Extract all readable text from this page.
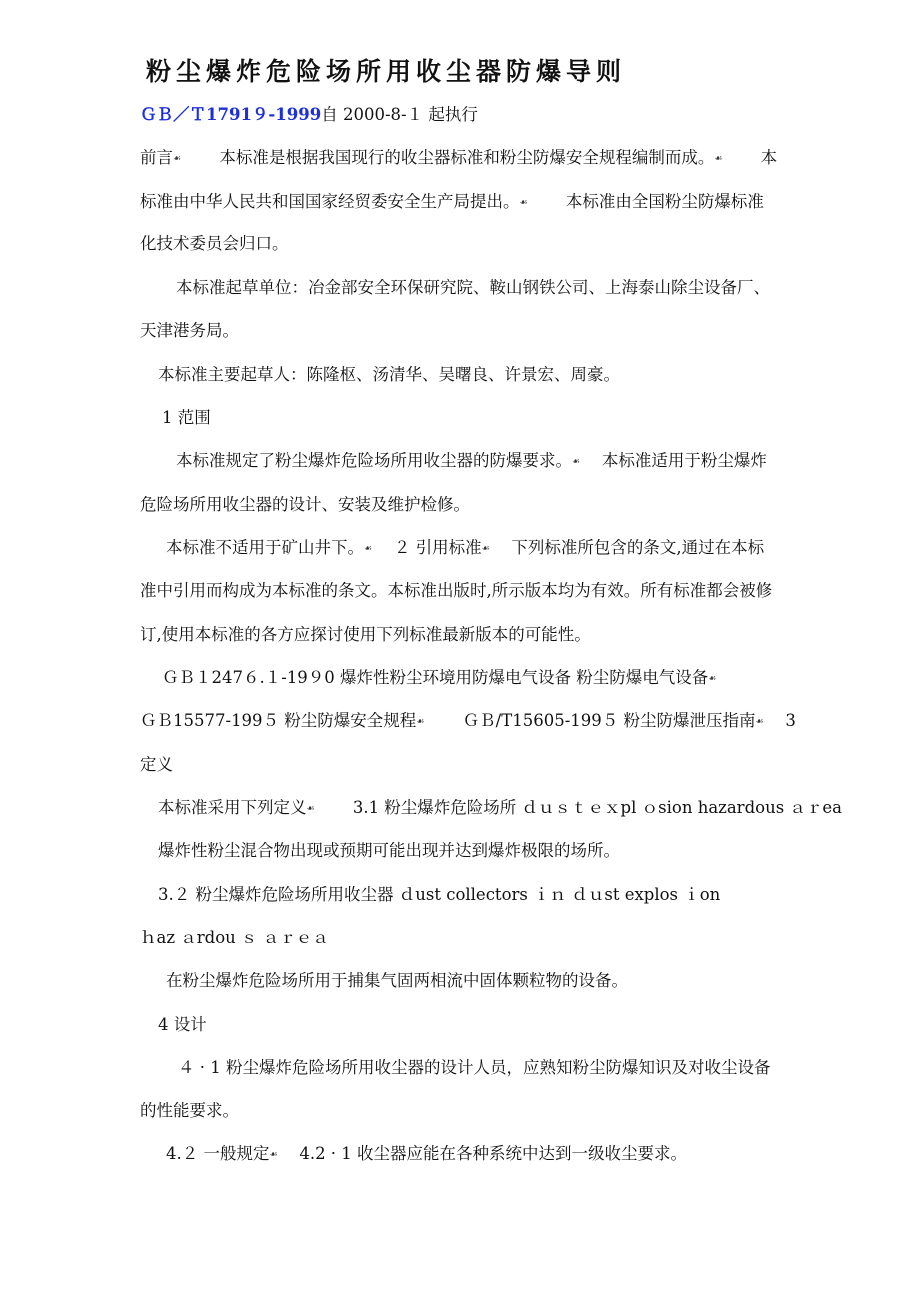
粉尘爆炸危险场所用收尘器防爆导则
ＧＢ／Ｔ1791９-1999自 2000-8-１ 起执行
前言☙ 　　本标准是根据我国现行的收尘器标准和粉尘防爆安全规程编制而成。☙ 　　本
标准由中华人民共和国国家经贸委安全生产局提出。☙ 　　本标准由全国粉尘防爆标准
化技术委员会归口。
本标准起草单位：冶金部安全环保研究院、鞍山钢铁公司、上海泰山除尘设备厂、
天津港务局。
本标准主要起草人：陈隆枢、汤清华、吴曙良、许景宏、周豪。
1 范围
本标准规定了粉尘爆炸危险场所用收尘器的防爆要求。☙ 　本标准适用于粉尘爆炸
危险场所用收尘器的设计、安装及维护检修。
本标准不适用于矿山井下。☙ 　２ 引用标准☙ 　下列标准所包含的条文,通过在本标
准中引用而构成为本标准的条文。本标准出版时,所示版本均为有效。所有标准都会被修
订,使用本标准的各方应探讨使用下列标准最新版本的可能性。
ＧＢ１247６.１-19９0 爆炸性粉尘环境用防爆电气设备 粉尘防爆电气设备☙
ＧＢ15577-199５ 粉尘防爆安全规程☙ 　　ＧＢ/T15605-199５ 粉尘防爆泄压指南☙ 　3
定义
本标准采用下列定义☙ 　　3.1 粉尘爆炸危险场所 ｄｕｓｔｅｘpl ｏsion hazardous ａｒea
爆炸性粉尘混合物出现或预期可能出现并达到爆炸极限的场所。
3.２ 粉尘爆炸危险场所用收尘器 ｄust collectors ｉｎ ｄｕst explos ｉon
ｈaz ａrdou ｓ ａｒｅａ
在粉尘爆炸危险场所用于捕集气固两相流中固体颗粒物的设备。
4 设计
４ · 1 粉尘爆炸危险场所用收尘器的设计人员，应熟知粉尘防爆知识及对收尘设备
的性能要求。
4.２ 一般规定☙ 　4.2 · 1 收尘器应能在各种系统中达到一级收尘要求。
